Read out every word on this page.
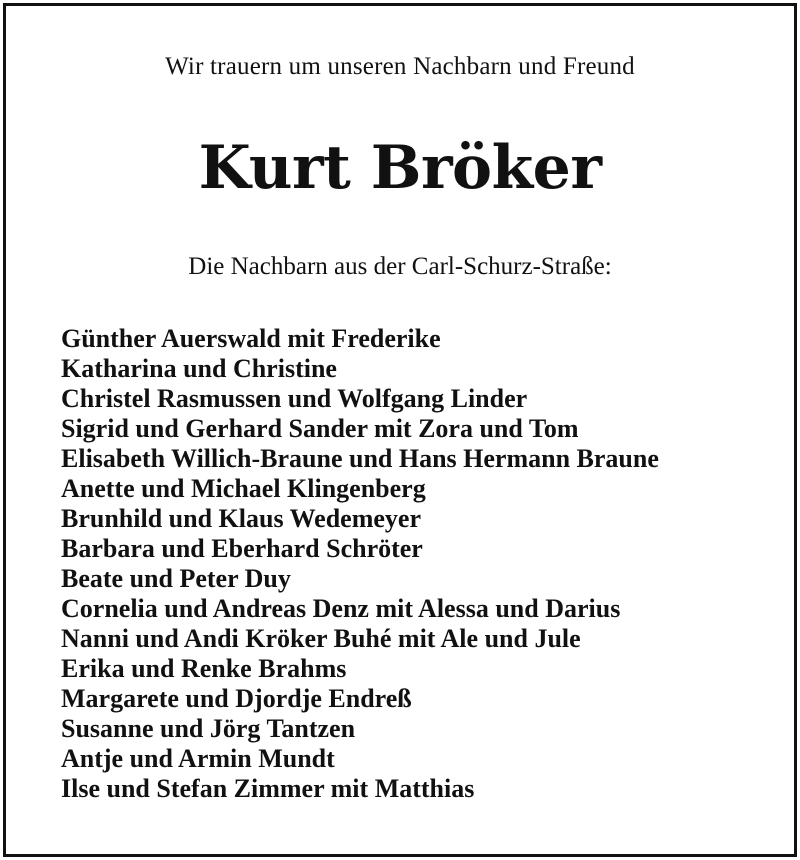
Wir trauern um unseren Nachbarn und Freund
Kurt Bröker
Die Nachbarn aus der Carl-Schurz-Straße:
Günther Auerswald mit Frederike
Katharina und Christine
Christel Rasmussen und Wolfgang Linder
Sigrid und Gerhard Sander mit Zora und Tom
Elisabeth Willich-Braune und Hans Hermann Braune
Anette und Michael Klingenberg
Brunhild und Klaus Wedemeyer
Barbara und Eberhard Schröter
Beate und Peter Duy
Cornelia und Andreas Denz mit Alessa und Darius
Nanni und Andi Kröker Buhé mit Ale und Jule
Erika und Renke Brahms
Margarete und Djordje Endreß
Susanne und Jörg Tantzen
Antje und Armin Mundt
Ilse und Stefan Zimmer mit Matthias
